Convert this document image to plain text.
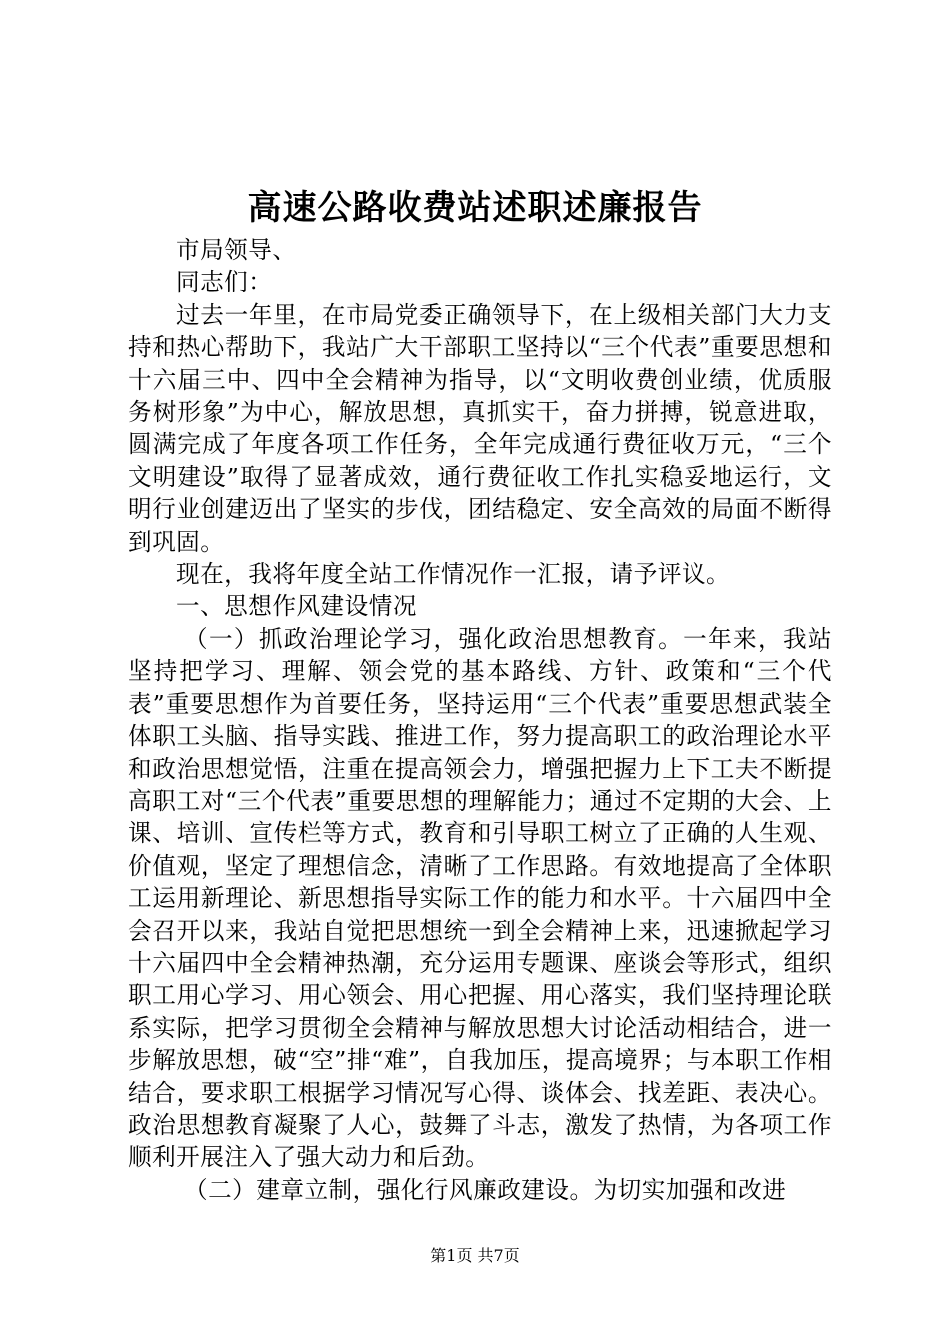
高速公路收费站述职述廉报告

市局领导、

同志们：

过去一年里，在市局党委正确领导下，在上级相关部门大力支持和热心帮助下，我站广大干部职工坚持以“三个代表”重要思想和十六届三中、四中全会精神为指导，以“文明收费创业绩，优质服务树形象”为中心，解放思想，真抓实干，奋力拼搏，锐意进取，圆满完成了年度各项工作任务，全年完成通行费征收万元，“三个文明建设”取得了显著成效，通行费征收工作扎实稳妥地运行，文明行业创建迈出了坚实的步伐，团结稳定、安全高效的局面不断得到巩固。

现在，我将年度全站工作情况作一汇报，请予评议。

一、思想作风建设情况

（一）抓政治理论学习，强化政治思想教育。一年来，我站坚持把学习、理解、领会党的基本路线、方针、政策和“三个代表”重要思想作为首要任务，坚持运用“三个代表”重要思想武装全体职工头脑、指导实践、推进工作，努力提高职工的政治理论水平和政治思想觉悟，注重在提高领会力，增强把握力上下工夫不断提高职工对“三个代表”重要思想的理解能力；通过不定期的大会、上课、培训、宣传栏等方式，教育和引导职工树立了正确的人生观、价值观，坚定了理想信念，清晰了工作思路。有效地提高了全体职工运用新理论、新思想指导实际工作的能力和水平。十六届四中全会召开以来，我站自觉把思想统一到全会精神上来，迅速掀起学习十六届四中全会精神热潮，充分运用专题课、座谈会等形式，组织职工用心学习、用心领会、用心把握、用心落实，我们坚持理论联系实际，把学习贯彻全会精神与解放思想大讨论活动相结合，进一步解放思想，破“空”排“难”，自我加压，提高境界；与本职工作相结合，要求职工根据学习情况写心得、谈体会、找差距、表决心。政治思想教育凝聚了人心，鼓舞了斗志，激发了热情，为各项工作顺利开展注入了强大动力和后劲。

（二）建章立制，强化行风廉政建设。为切实加强和改进

第1页 共7页
